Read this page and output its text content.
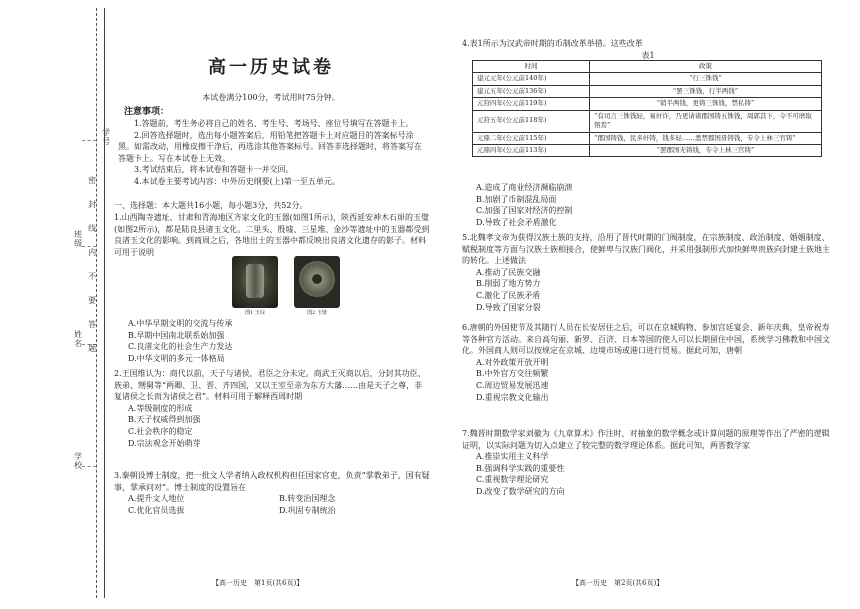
学号
班级
姓名
学校
密
封
线
内
不
要
答
题
高一历史试卷
本试卷满分100分，考试用时75分钟。
注意事项：

1.答题前，考生务必将自己的姓名、考生号、考场号、座位号填写在答题卡上。

2.回答选择题时，选出每小题答案后，用铅笔把答题卡上对应题目的答案标号涂黑。如需改动，用橡皮擦干净后，再选涂其他答案标号。回答非选择题时，将答案写在答题卡上。写在本试卷上无效。

3.考试结束后，将本试卷和答题卡一并交回。

4.本试卷主要考试内容：中外历史纲要(上)第一至五单元。

一、选择题：本大题共16小题，每小题3分，共52分。

1.山西陶寺遗址、甘肃和青海地区齐家文化的玉器(如图1所示)，陕西延安神木石峁的玉璧(如图2所示)，都是陆良县诸玉文化。二里头、殷墟、三星堆、金沙等遗址中的玉器都受到良渚玉文化的影响。到商周之后，各地出土的玉器中都反映出良渚文化遗存的影子。材料可用于说明

图1 玉琮	图2 玉璧

A.中华早期文明的交流与传承

B.早期中国南北联系始加强

C.良渚文化的社会生产力发达

D.中华文明的多元一体格局

2.王国维认为：商代以前，天子与诸侯，君臣之分未定。商武王灭商以后，分封其功臣、族弟、甥舅等“两卿、卫、晋、齐四国，又以王室至亲为东方大藩……由是天子之尊，非复诸侯之长而为诸侯之君”。材料可用于解释西周时期

A.等级制度的形成

B.天子权威得到加强

C.社会秩序的稳定

D.宗法观念开始萌芽

3.秦朝设博士制度，把一批文人学者纳入政权机构担任国家官吏，负责“掌教弟子，国有疑事，掌承问对”。博士制度的设置旨在

A.提升文人地位	B.转变治国理念
C.优化官员选拔	D.巩固专制统治
【高一历史　第1页(共6页)】
4.表1所示为汉武帝时期的币制改革举措。这些改革
表1
时间	政策
建元元年(公元前140年)	“行三铢钱”
建元五年(公元前136年)	“罢三铢钱，行半两钱”
元狩四年(公元前119年)	“销半两钱，更铸三铢钱，禁私铸”
元狩五年(公元前118年)	“有司言三铢钱轻，易奸诈，乃更请诸郡国铸五铢钱，周郭其下，令不可磨取镕焉”
元鼎二年(公元前115年)	“郡国铸钱，民多奸铸，钱多轻……悉禁郡国毋铸钱，专令上林三官铸”
元鼎四年(公元前113年)	“罢郡国无铸钱，专令上林三官铸”

A.造成了商业经济濒临崩溃

B.加剧了币制混乱局面

C.加强了国家对经济的控制

D.导致了社会矛盾激化

5.北魏孝文帝为获得汉族士族的支持，沿用了晋代时期的门阀制度，在宗族制度、政治制度、婚姻制度、赋税制度等方面与汉族士族相接合，使鲜卑与汉族门阀化，并采用强制形式加快鲜卑贵族向封建士族地主的转化。上述做法

A.推动了民族交融

B.削弱了地方势力

C.激化了民族矛盾

D.导致了国家分裂

6.唐朝的外国使节及其随行人员在长安居住之后，可以在京城购物、参加宫廷宴会、新年庆典，皇帝祝寿等各种官方活动。来自高句丽、新罗、百济、日本等国的使人可以长期留住中国，系统学习佛教和中国文化。外国商人则可以按规定在京城、边境市场或港口进行贸易。据此可知，唐朝

A.对外政策开放开明

B.中外官方交往频繁

C.周边贸易发展迅速

D.重视宗教文化输出

7.魏晋时期数学家刘徽为《九章算术》作注时，对抽象的数学概念或计算问题的原理等作出了严密的逻辑证明，以实际问题为切入点建立了较完整的数学理论体系。据此可知，两晋数学家

A.推崇实用主义科学

B.强调科学实践的重要性

C.重视数学理论研究

D.改变了数学研究的方向

【高一历史　第2页(共6页)】
